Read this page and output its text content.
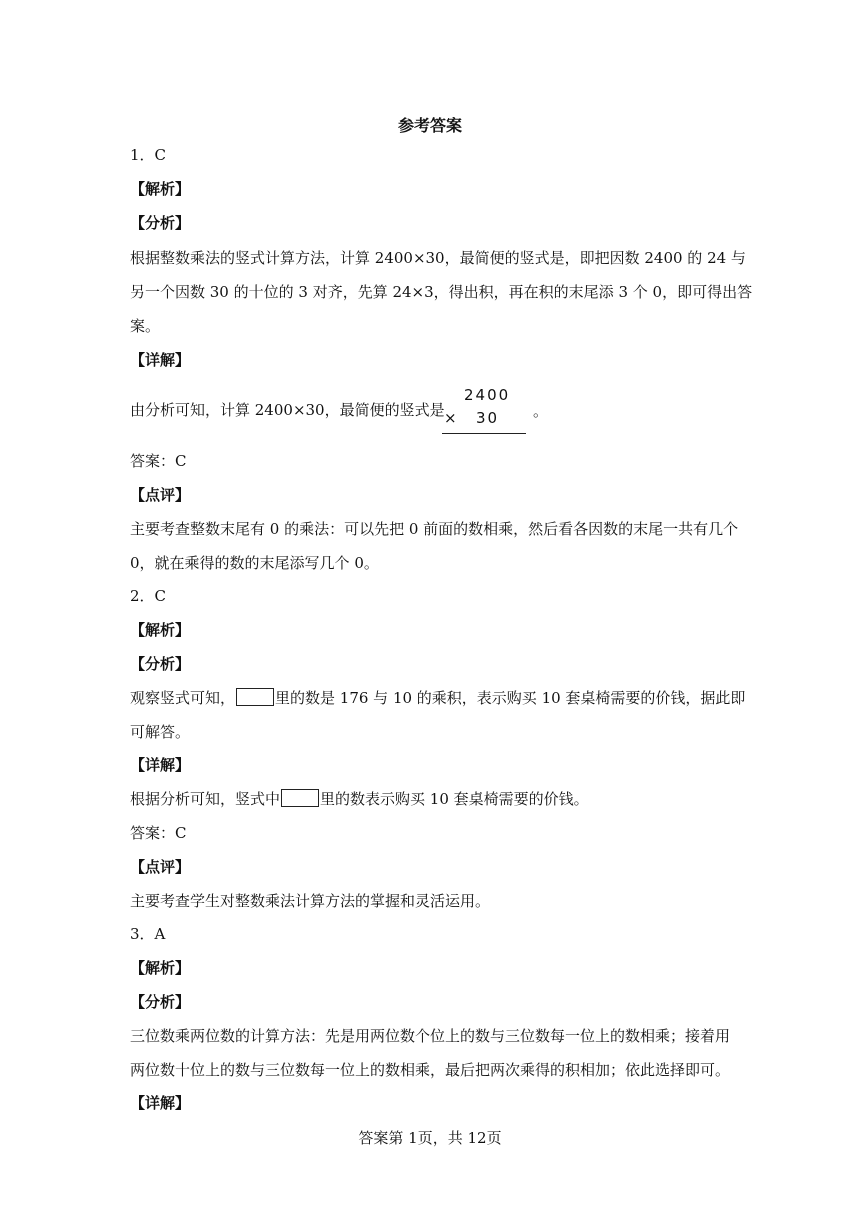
参考答案
1．C
【解析】
【分析】
根据整数乘法的竖式计算方法，计算 2400×30，最简便的竖式是，即把因数 2400 的 24 与
另一个因数 30 的十位的 3 对齐，先算 24×3，得出积，再在积的末尾添 3 个 0，即可得出答
案。
【详解】
由分析可知，计算 2400×30，最简便的竖式是
2400
× 30 。
答案：C
【点评】
主要考查整数末尾有 0 的乘法：可以先把 0 前面的数相乘，然后看各因数的末尾一共有几个
0，就在乘得的数的末尾添写几个 0。
2．C
【解析】
【分析】
观察竖式可知，	里的数是 176 与 10 的乘积，表示购买 10 套桌椅需要的价钱，据此即
可解答。
【详解】
根据分析可知，竖式中	里的数表示购买 10 套桌椅需要的价钱。
答案：C
【点评】
主要考查学生对整数乘法计算方法的掌握和灵活运用。
3．A
【解析】
【分析】
三位数乘两位数的计算方法：先是用两位数个位上的数与三位数每一位上的数相乘；接着用
两位数十位上的数与三位数每一位上的数相乘，最后把两次乘得的积相加；依此选择即可。
【详解】
答案第 1页，共 12页
